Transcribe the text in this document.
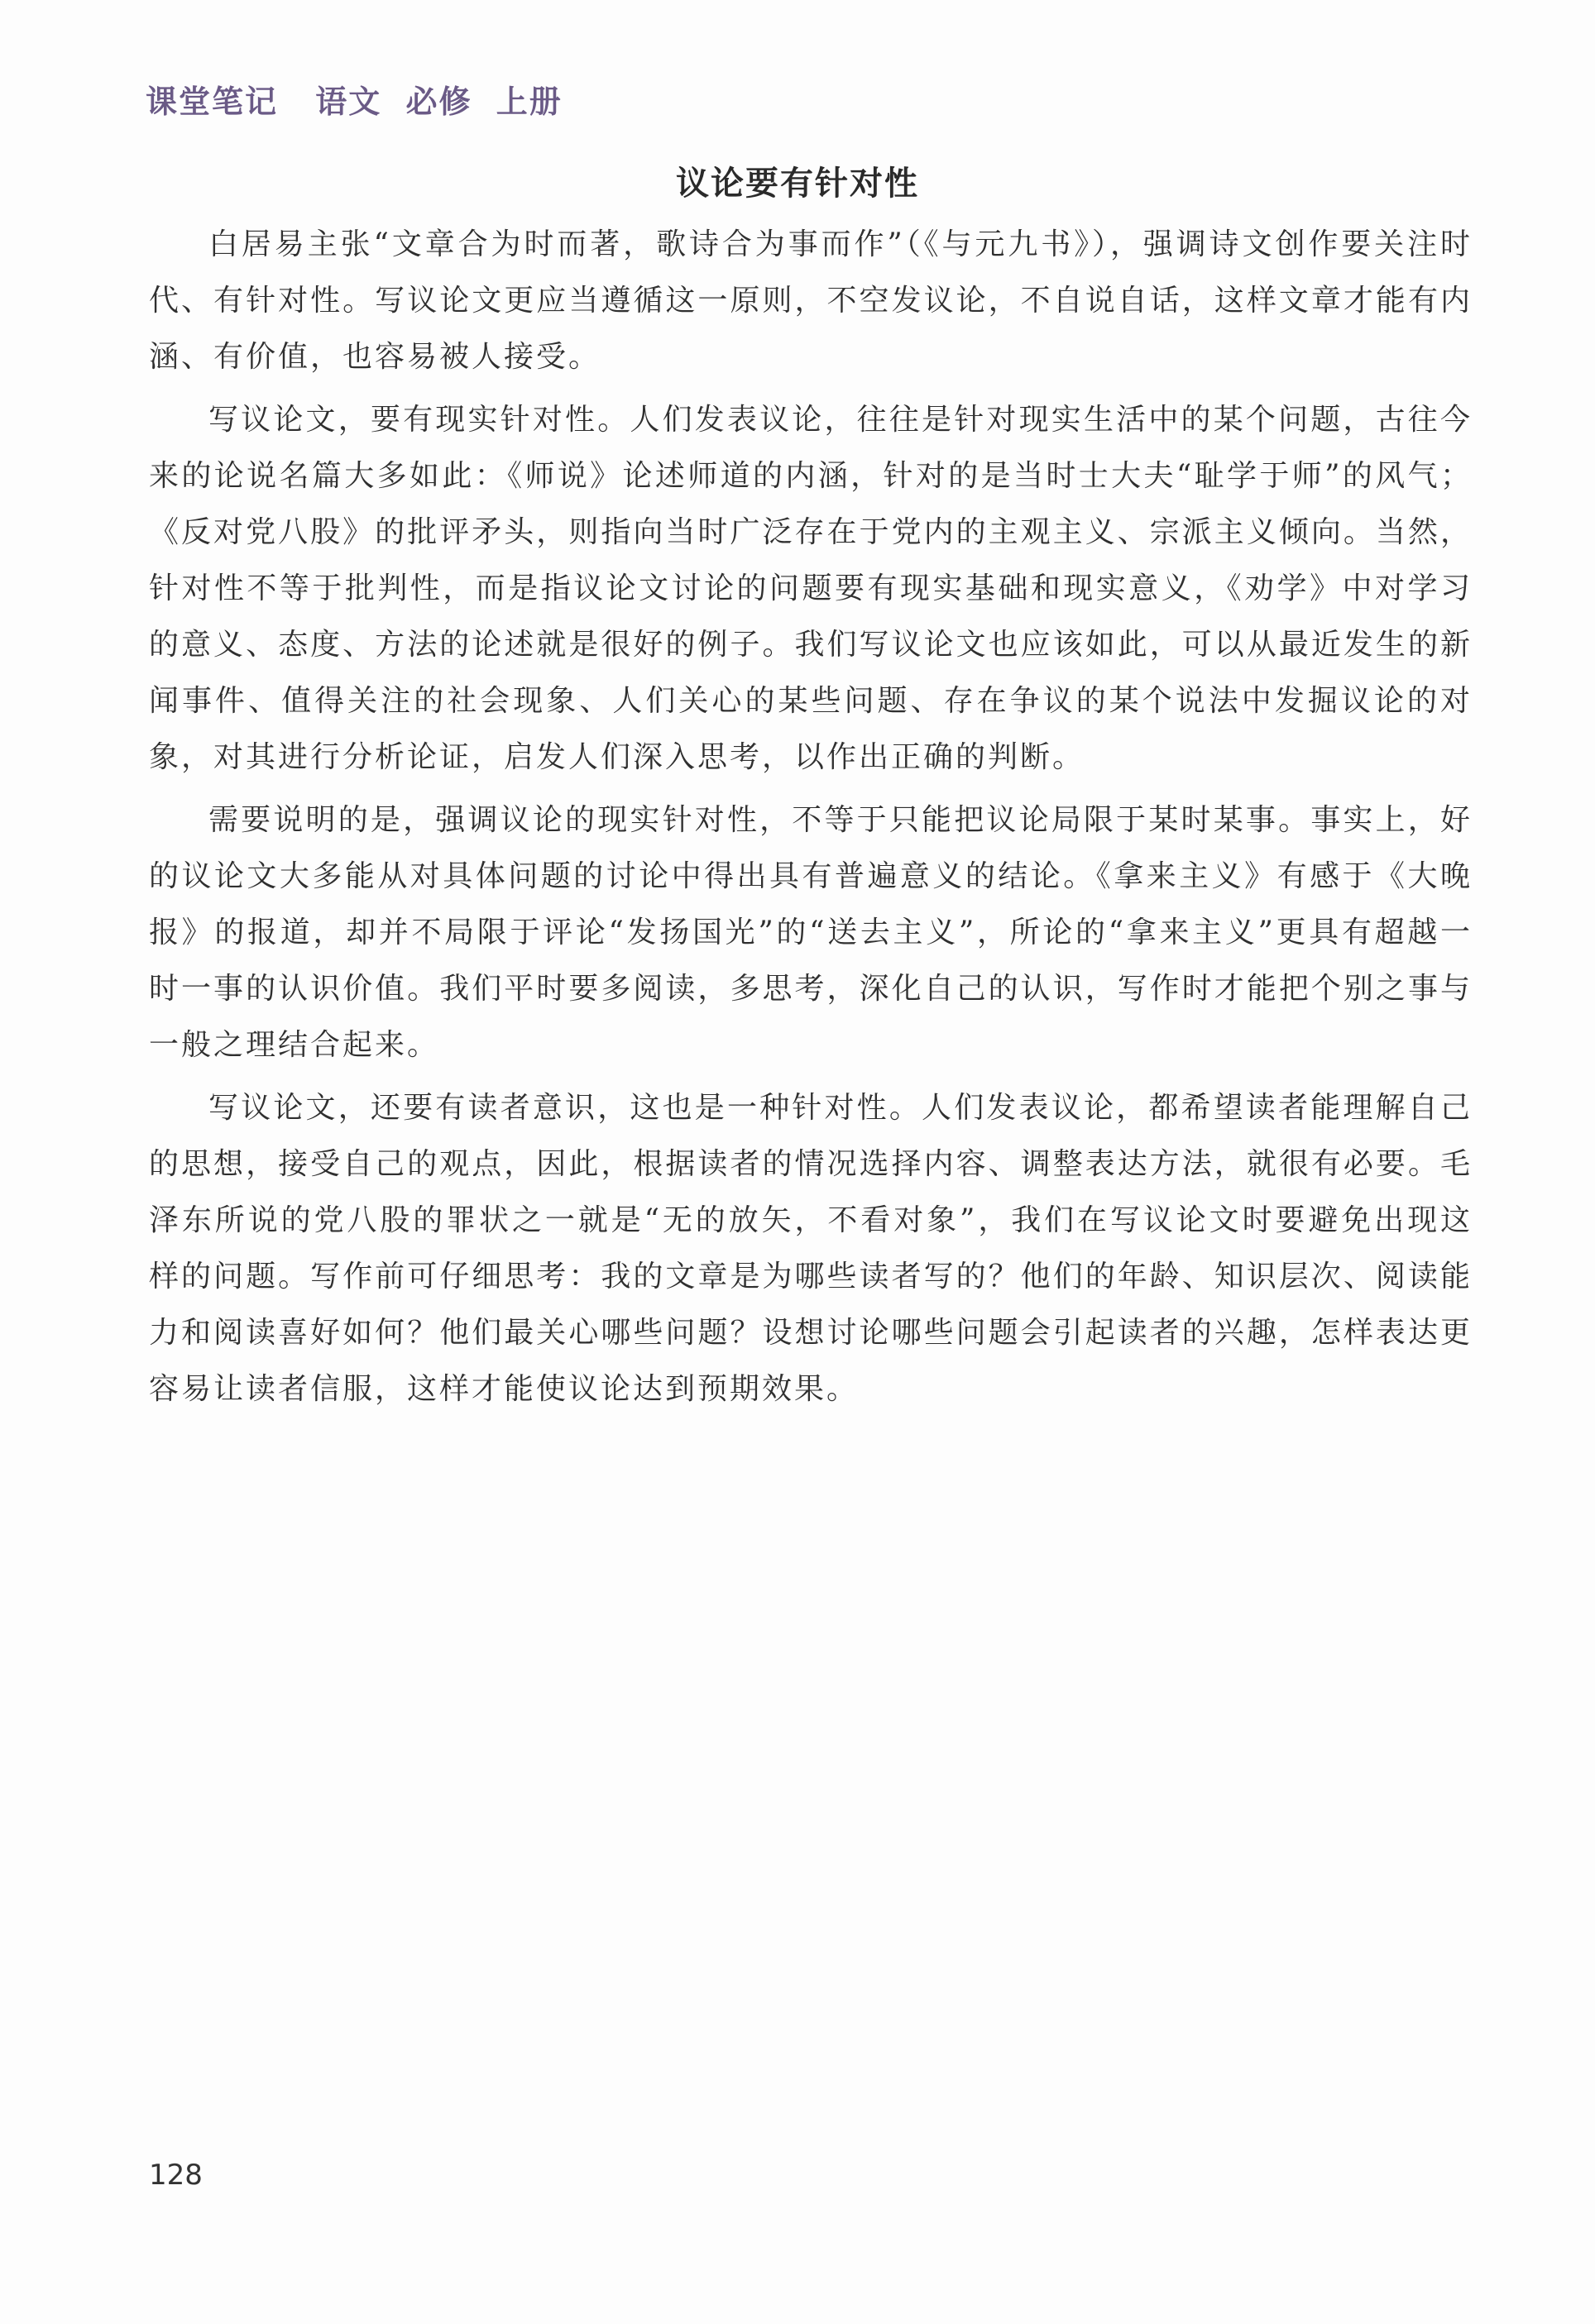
课堂笔记 语文 必修 上册
议论要有针对性

白居易主张“文章合为时而著，歌诗合为事而作”（《与元九书》），强调诗文创作要关注时代、有针对性。写议论文更应当遵循这一原则，不空发议论，不自说自话，这样文章才能有内涵、有价值，也容易被人接受。

写议论文，要有现实针对性。人们发表议论，往往是针对现实生活中的某个问题，古往今来的论说名篇大多如此：《师说》论述师道的内涵，针对的是当时士大夫“耻学于师”的风气；《反对党八股》的批评矛头，则指向当时广泛存在于党内的主观主义、宗派主义倾向。当然，针对性不等于批判性，而是指议论文讨论的问题要有现实基础和现实意义，《劝学》中对学习的意义、态度、方法的论述就是很好的例子。我们写议论文也应该如此，可以从最近发生的新闻事件、值得关注的社会现象、人们关心的某些问题、存在争议的某个说法中发掘议论的对象，对其进行分析论证，启发人们深入思考，以作出正确的判断。

需要说明的是，强调议论的现实针对性，不等于只能把议论局限于某时某事。事实上，好的议论文大多能从对具体问题的讨论中得出具有普遍意义的结论。《拿来主义》有感于《大晚报》的报道，却并不局限于评论“发扬国光”的“送去主义”，所论的“拿来主义”更具有超越一时一事的认识价值。我们平时要多阅读，多思考，深化自己的认识，写作时才能把个别之事与一般之理结合起来。

写议论文，还要有读者意识，这也是一种针对性。人们发表议论，都希望读者能理解自己的思想，接受自己的观点，因此，根据读者的情况选择内容、调整表达方法，就很有必要。毛泽东所说的党八股的罪状之一就是“无的放矢，不看对象”，我们在写议论文时要避免出现这样的问题。写作前可仔细思考：我的文章是为哪些读者写的？他们的年龄、知识层次、阅读能力和阅读喜好如何？他们最关心哪些问题？设想讨论哪些问题会引起读者的兴趣，怎样表达更容易让读者信服，这样才能使议论达到预期效果。

128
